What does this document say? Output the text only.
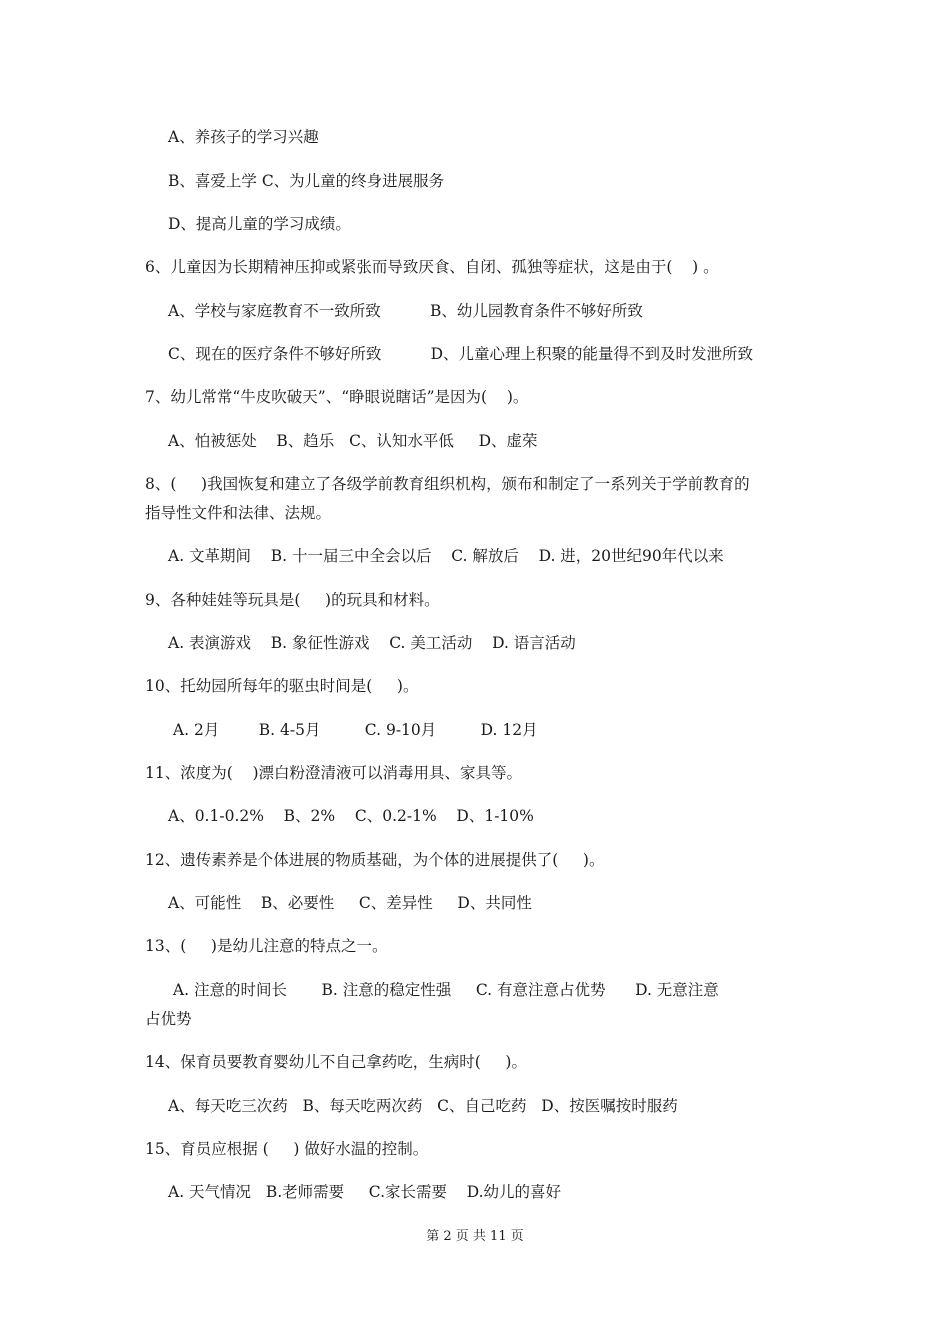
A、养孩子的学习兴趣
B、喜爱上学 C、为儿童的终身进展服务
D、提高儿童的学习成绩。
6、儿童因为长期精神压抑或紧张而导致厌食、自闭、孤独等症状，这是由于(    ) 。
A、学校与家庭教育不一致所致          B、幼儿园教育条件不够好所致
C、现在的医疗条件不够好所致          D、儿童心理上积聚的能量得不到及时发泄所致
7、幼儿常常“牛皮吹破天”、“睁眼说瞎话”是因为(    )。
A、怕被惩处    B、趋乐   C、认知水平低     D、虚荣
8、(     )我国恢复和建立了各级学前教育组织机构，颁布和制定了一系列关于学前教育的
指导性文件和法律、法规。
A. 文革期间    B. 十一届三中全会以后    C. 解放后    D. 进，20世纪90年代以来
9、各种娃娃等玩具是(     )的玩具和材料。
A. 表演游戏    B. 象征性游戏    C. 美工活动    D. 语言活动
10、托幼园所每年的驱虫时间是(     )。
A. 2月        B. 4-5月         C. 9-10月         D. 12月
11、浓度为(    )漂白粉澄清液可以消毒用具、家具等。
A、0.1-0.2%    B、2%    C、0.2-1%    D、1-10%
12、遗传素养是个体进展的物质基础，为个体的进展提供了(     )。
A、可能性    B、必要性     C、差异性     D、共同性
13、(     )是幼儿注意的特点之一。
A. 注意的时间长       B. 注意的稳定性强     C. 有意注意占优势      D. 无意注意
占优势
14、保育员要教育婴幼儿不自己拿药吃，生病时(     )。
A、每天吃三次药   B、每天吃两次药   C、自己吃药   D、按医嘱按时服药
15、育员应根据 (     ) 做好水温的控制。
A. 天气情况   B.老师需要     C.家长需要    D.幼儿的喜好
第 2 页 共 11 页
